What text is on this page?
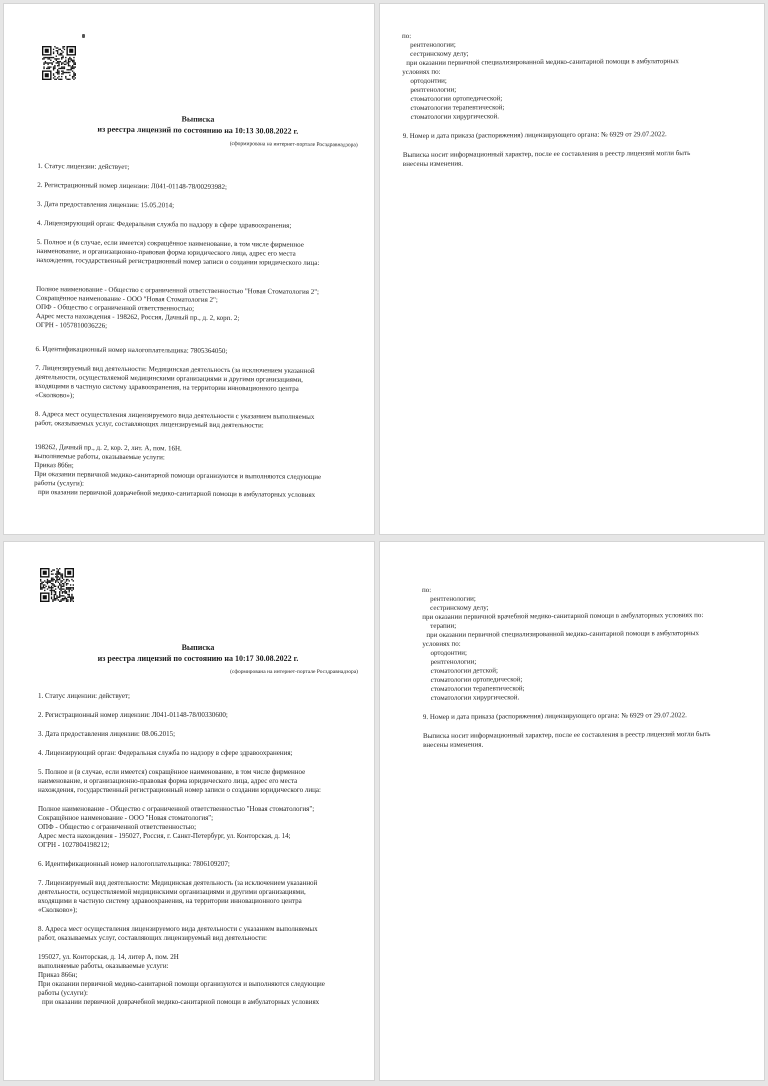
Выписка

из реестра лицензий по состоянию на 10:13 30.08.2022 г.

(сформирована на интернет-портале Росздравнадзора)

1. Статус лицензии: действует;

2. Регистрационный номер лицензии: Л041-01148-78/00293982;

3. Дата предоставления лицензии: 15.05.2014;

4. Лицензирующий орган: Федеральная служба по надзору в сфере здравоохранения;

5. Полное и (в случае, если имеется) сокращённое наименование, в том числе фирменное

наименование, и организационно-правовая форма юридического лица, адрес его места

нахождения, государственный регистрационный номер записи о создании юридического лица:

Полное наименование - Общество с ограниченной ответственностью "Новая Стоматология 2";

Сокращённое наименование - ООО "Новая Стоматология 2";

ОПФ - Общество с ограниченной ответственностью;

Адрес места нахождения - 198262, Россия, Дачный пр., д. 2, корп. 2;

ОГРН - 1057810036226;

6. Идентификационный номер налогоплательщика: 7805364050;

7. Лицензируемый вид деятельности: Медицинская деятельность (за исключением указанной

деятельности, осуществляемой медицинскими организациями и другими организациями,

входящими в частную систему здравоохранения, на территории инновационного центра

«Сколково»);

8. Адреса мест осуществления лицензируемого вида деятельности с указанием выполняемых

работ, оказываемых услуг, составляющих лицензируемый вид деятельности:

198262, Дачный пр., д. 2, кор. 2, лит. А, пом. 16Н.

выполняемые работы, оказываемые услуги:

Приказ 866н;

При оказании первичной медико-санитарной помощи организуются и выполняются следующие

работы (услуги):

при оказании первичной доврачебной медико-санитарной помощи в амбулаторных условиях

по:

рентгенологии;

сестринскому делу;

при оказании первичной специализированной медико-санитарной помощи в амбулаторных

условиях по:

ортодонтии;

рентгенологии;

стоматологии ортопедической;

стоматологии терапевтической;

стоматологии хирургической.

9. Номер и дата приказа (распоряжения) лицензирующего органа: № 6929 от 29.07.2022.

Выписка носит информационный характер, после ее составления в реестр лицензий могли быть

внесены изменения.

Выписка

из реестра лицензий по состоянию на 10:17 30.08.2022 г.

(сформирована на интернет-портале Росздравнадзора)

1. Статус лицензии: действует;

2. Регистрационный номер лицензии: Л041-01148-78/00330600;

3. Дата предоставления лицензии: 08.06.2015;

4. Лицензирующий орган: Федеральная служба по надзору в сфере здравоохранения;

5. Полное и (в случае, если имеется) сокращённое наименование, в том числе фирменное

наименование, и организационно-правовая форма юридического лица, адрес его места

нахождения, государственный регистрационный номер записи о создании юридического лица:

Полное наименование - Общество с ограниченной ответственностью "Новая стоматология";

Сокращённое наименование - ООО "Новая стоматология";

ОПФ - Общество с ограниченной ответственностью;

Адрес места нахождения - 195027, Россия, г. Санкт-Петербург, ул. Конторская, д. 14;

ОГРН - 1027804198212;

6. Идентификационный номер налогоплательщика: 7806109207;

7. Лицензируемый вид деятельности: Медицинская деятельность (за исключением указанной

деятельности, осуществляемой медицинскими организациями и другими организациями,

входящими в частную систему здравоохранения, на территории инновационного центра

«Сколково»);

8. Адреса мест осуществления лицензируемого вида деятельности с указанием выполняемых

работ, оказываемых услуг, составляющих лицензируемый вид деятельности:

195027, ул. Конторская, д. 14, литер А, пом. 2Н

выполняемые работы, оказываемые услуги:

Приказ 866н;

При оказании первичной медико-санитарной помощи организуются и выполняются следующие

работы (услуги):

при оказании первичной доврачебной медико-санитарной помощи в амбулаторных условиях

по:

рентгенологии;

сестринскому делу;

при оказании первичной врачебной медико-санитарной помощи в амбулаторных условиях по:

терапии;

при оказании первичной специализированной медико-санитарной помощи в амбулаторных

условиях по:

ортодонтии;

рентгенологии;

стоматологии детской;

стоматологии ортопедической;

стоматологии терапевтической;

стоматологии хирургической.

9. Номер и дата приказа (распоряжения) лицензирующего органа: № 6929 от 29.07.2022.

Выписка носит информационный характер, после ее составления в реестр лицензий могли быть

внесены изменения.
